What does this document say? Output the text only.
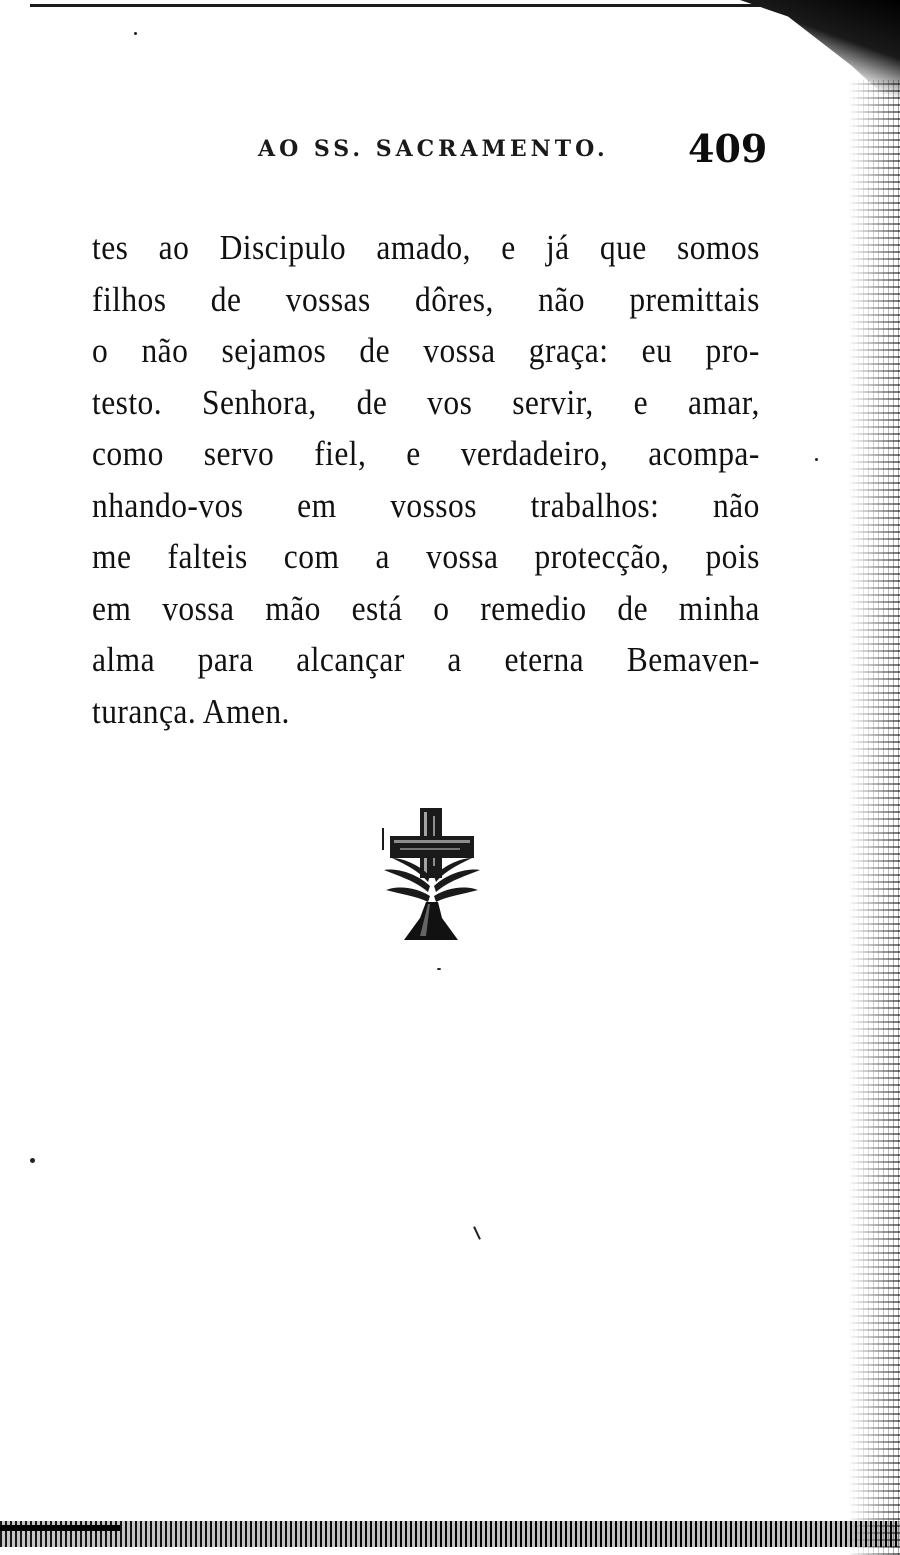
AO SS. SACRAMENTO. 409
tes ao Discipulo amado, e já que somos
filhos de vossas dôres, não premittais
o não sejamos de vossa graça: eu pro-
testo. Senhora, de vos servir, e amar,
como servo fiel, e verdadeiro, acompa-
nhando-vos em vossos trabalhos: não
me falteis com a vossa protecção, pois
em vossa mão está o remedio de minha
alma para alcançar a eterna Bemaven-
turança. Amen.
